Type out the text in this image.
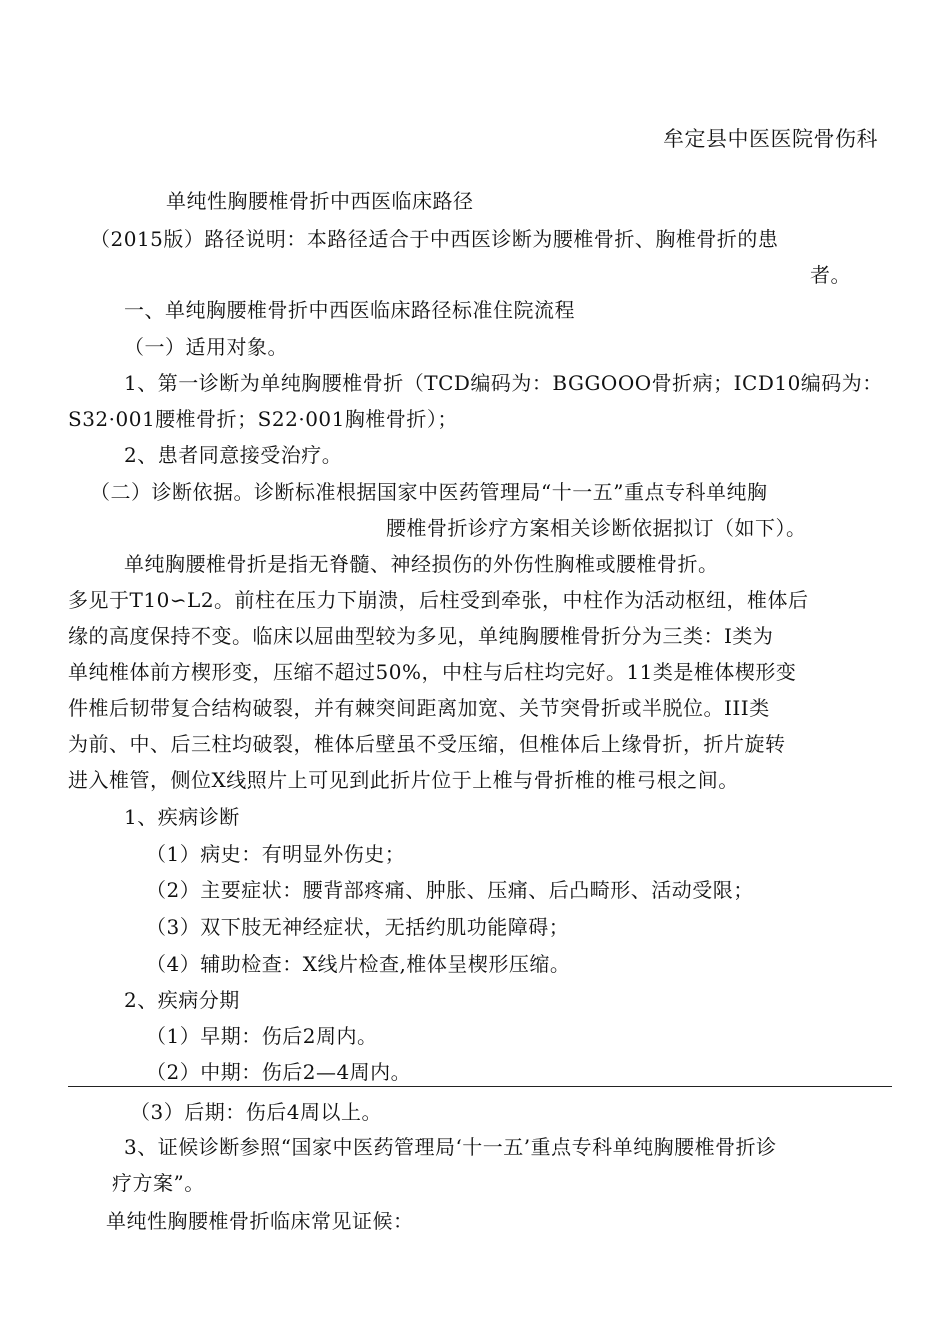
牟定县中医医院骨伤科
单纯性胸腰椎骨折中西医临床路径
（2015版）路径说明：本路径适合于中西医诊断为腰椎骨折、胸椎骨折的患
者。
一、单纯胸腰椎骨折中西医临床路径标准住院流程
（一）适用对象。
1、第一诊断为单纯胸腰椎骨折（TCD编码为：BGGOOO骨折病；ICD10编码为：
S32·001腰椎骨折；S22·001胸椎骨折）；
2、患者同意接受治疗。
（二）诊断依据。诊断标准根据国家中医药管理局“十一五”重点专科单纯胸
腰椎骨折诊疗方案相关诊断依据拟订（如下）。
单纯胸腰椎骨折是指无脊髓、神经损伤的外伤性胸椎或腰椎骨折。
多见于T10∽L2。前柱在压力下崩溃，后柱受到牵张，中柱作为活动枢纽，椎体后
缘的高度保持不变。临床以屈曲型较为多见，单纯胸腰椎骨折分为三类：I类为
单纯椎体前方楔形变，压缩不超过50%，中柱与后柱均完好。11类是椎体楔形变
件椎后韧带复合结构破裂，并有棘突间距离加宽、关节突骨折或半脱位。III类
为前、中、后三柱均破裂，椎体后壁虽不受压缩，但椎体后上缘骨折，折片旋转
进入椎管，侧位X线照片上可见到此折片位于上椎与骨折椎的椎弓根之间。
1、疾病诊断
（1）病史：有明显外伤史；
（2）主要症状：腰背部疼痛、肿胀、压痛、后凸畸形、活动受限；
（3）双下肢无神经症状，无括约肌功能障碍；
（4）辅助检查：X线片检查,椎体呈楔形压缩。
2、疾病分期
（1）早期：伤后2周内。
（2）中期：伤后2—4周内。
（3）后期：伤后4周以上。
3、证候诊断参照“国家中医药管理局‘十一五’重点专科单纯胸腰椎骨折诊
疗方案”。
单纯性胸腰椎骨折临床常见证候：
